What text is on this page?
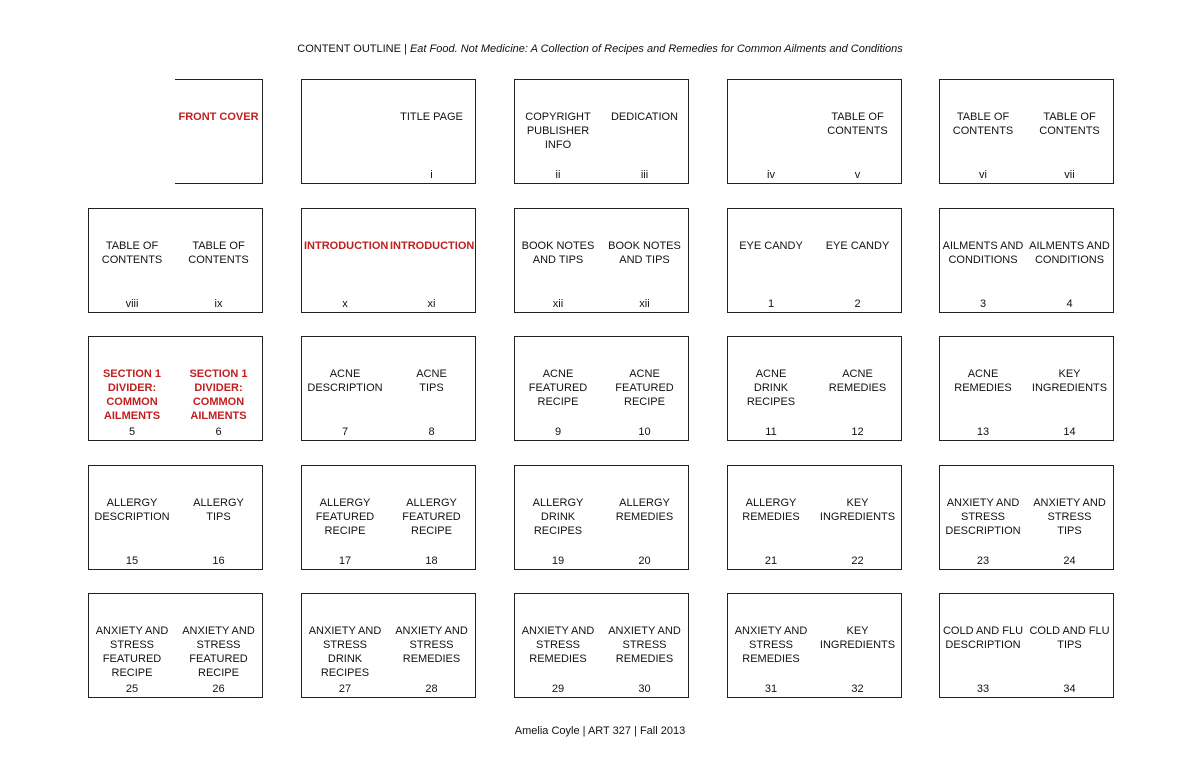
CONTENT OUTLINE | Eat Food. Not Medicine: A Collection of Recipes and Remedies for Common Ailments and Conditions
FRONT COVER	TITLE PAGE
i
COPYRIGHT
PUBLISHER
INFO
ii
DEDICATION
iii	iv
TABLE OF
CONTENTS
v
TABLE OF
CONTENTS
vi
TABLE OF
CONTENTS
vii
TABLE OF
CONTENTS
viii
TABLE OF
CONTENTS
ix
INTRODUCTION
x
INTRODUCTION
xi
BOOK NOTES
AND TIPS
xii
BOOK NOTES
AND TIPS
xii
EYE CANDY
1
EYE CANDY
2
AILMENTS AND
CONDITIONS
3
AILMENTS AND
CONDITIONS
4
SECTION 1
DIVIDER:
COMMON
AILMENTS
5
SECTION 1
DIVIDER:
COMMON
AILMENTS
6
ACNE
DESCRIPTION
7
ACNE
TIPS
8
ACNE
FEATURED
RECIPE
9
ACNE
FEATURED
RECIPE
10
ACNE
DRINK RECIPES
11
ACNE
REMEDIES
12
ACNE
REMEDIES
13
KEY
INGREDIENTS
14
ALLERGY
DESCRIPTION
15
ALLERGY
TIPS
16
ALLERGY
FEATURED
RECIPE
17
ALLERGY
FEATURED
RECIPE
18
ALLERGY
DRINK RECIPES
19
ALLERGY
REMEDIES
20
ALLERGY
REMEDIES
21
KEY
INGREDIENTS
22
ANXIETY AND
STRESS
DESCRIPTION
23
ANXIETY AND
STRESS
TIPS
24
ANXIETY AND
STRESS
FEATURED
RECIPE
25
ANXIETY AND
STRESS
FEATURED
RECIPE
26
ANXIETY AND
STRESS
DRINK RECIPES
27
ANXIETY AND
STRESS
REMEDIES
28
ANXIETY AND
STRESS
REMEDIES
29
ANXIETY AND
STRESS
REMEDIES
30
ANXIETY AND
STRESS
REMEDIES
31
KEY
INGREDIENTS
32
COLD AND FLU
DESCRIPTION
33
COLD AND FLU
TIPS
34
Amelia Coyle | ART 327 | Fall 2013
